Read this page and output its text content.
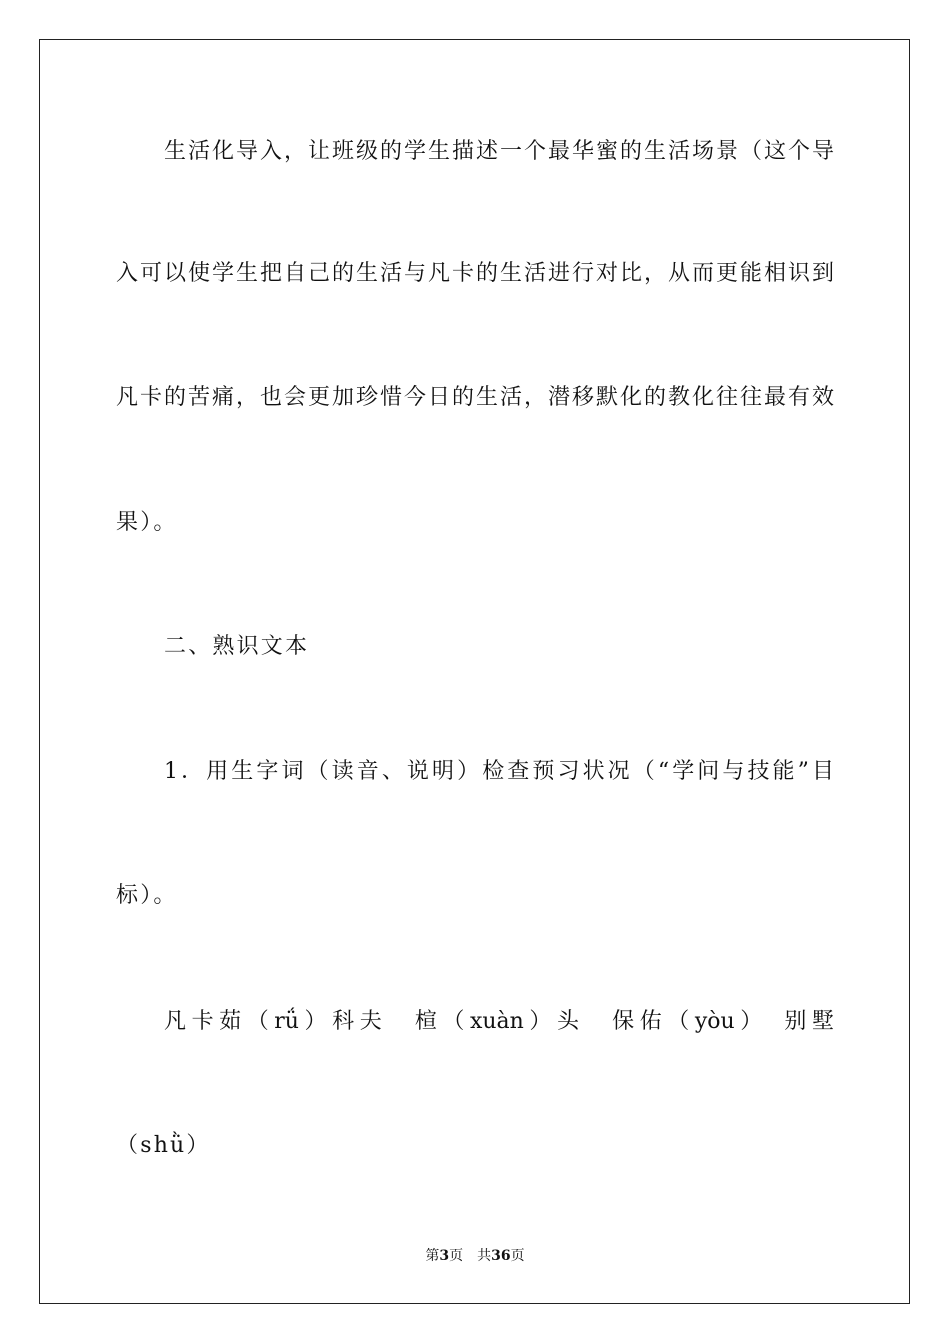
生活化导入，让班级的学生描述一个最华蜜的生活场景（这个导
入可以使学生把自己的生活与凡卡的生活进行对比，从而更能相识到
凡卡的苦痛，也会更加珍惜今日的生活，潜移默化的教化往往最有效
果）。
二、熟识文本
1．用生字词（读音、说明）检查预习状况（“学问与技能”目
标）。
凡卡茹（rǘ）科夫　楦（xuàn）头　保佑（yòu）　别墅
（shǜ）
第3页　共36页
